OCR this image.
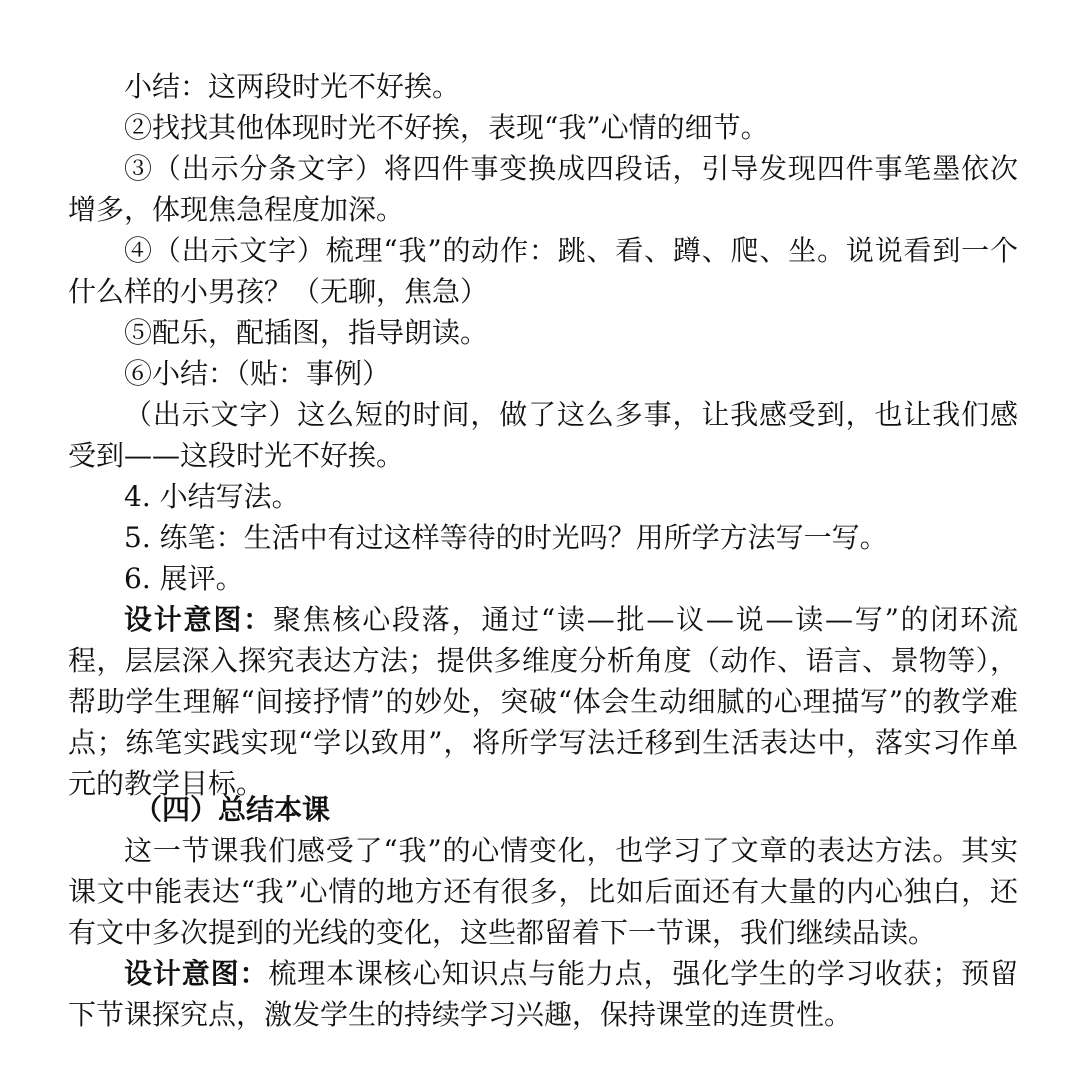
小结：这两段时光不好挨。

②找找其他体现时光不好挨，表现“我”心情的细节。

③（出示分条文字）将四件事变换成四段话，引导发现四件事笔墨依次增多，体现焦急程度加深。

④（出示文字）梳理“我”的动作：跳、看、蹲、爬、坐。说说看到一个什么样的小男孩？（无聊，焦急）

⑤配乐，配插图，指导朗读。

⑥小结：（贴：事例）

（出示文字）这么短的时间，做了这么多事，让我感受到，也让我们感受到——这段时光不好挨。

4. 小结写法。

5. 练笔：生活中有过这样等待的时光吗？用所学方法写一写。

6. 展评。

设计意图：聚焦核心段落，通过“读—批—议—说—读—写”的闭环流程，层层深入探究表达方法；提供多维度分析角度（动作、语言、景物等），帮助学生理解“间接抒情”的妙处，突破“体会生动细腻的心理描写”的教学难点；练笔实践实现“学以致用”，将所学写法迁移到生活表达中，落实习作单元的教学目标。

（四）总结本课

这一节课我们感受了“我”的心情变化，也学习了文章的表达方法。其实课文中能表达“我”心情的地方还有很多，比如后面还有大量的内心独白，还有文中多次提到的光线的变化，这些都留着下一节课，我们继续品读。

设计意图：梳理本课核心知识点与能力点，强化学生的学习收获；预留下节课探究点，激发学生的持续学习兴趣，保持课堂的连贯性。
